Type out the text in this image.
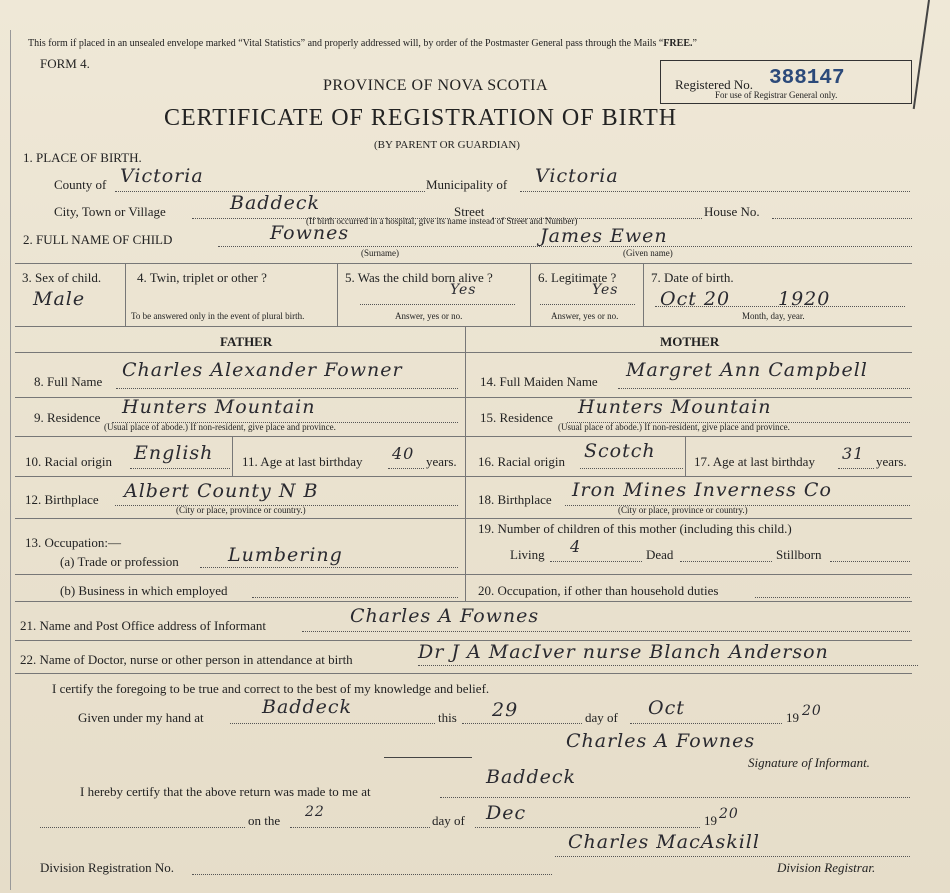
This form if placed in an unsealed envelope marked “Vital Statistics” and properly addressed will, by order of the Postmaster General pass through the Mails “FREE.”
FORM 4.
PROVINCE OF NOVA SCOTIA
CERTIFICATE OF REGISTRATION OF BIRTH
(BY PARENT OR GUARDIAN)
Registered No. 388147
For use of Registrar General only.
1. PLACE OF BIRTH.
County of Victoria	Municipality of Victoria
City, Town or Village	Baddeck	Street	House No.
(If birth occurred in a hospital, give its name instead of Street and Number)
2. FULL NAME OF CHILD	Fownes	James Ewen
(Surname)	(Given name)
3. Sex of child.
Male
4. Twin, triplet or other ?
To be answered only in the event of plural birth.
5. Was the child born alive ?
Yes
Answer, yes or no.
6. Legitimate ?
Yes
Answer, yes or no.
7. Date of birth.
Oct 20	1920
Month, day, year.
FATHER	MOTHER
8. Full Name
Charles Alexander Fowner
9. Residence Hunters Mountain
(Usual place of abode.) If non-resident, give place and province.
10. Racial origin English 11. Age at last birthday 40 years.
12. Birthplace Albert County N B
(City or place, province or country.)
13. Occupation:—
(a) Trade or profession	Lumbering
(b) Business in which employed
14. Full Maiden Name
Margret Ann Campbell
15. Residence Hunters Mountain
(Usual place of abode.) If non-resident, give place and province.
16. Racial origin Scotch	17. Age at last birthday 31 years.
18. Birthplace Iron Mines Inverness Co
(City or place, province or country.)
19. Number of children of this mother (including this child.)
Living 4	Dead	Stillborn
20. Occupation, if other than household duties
21. Name and Post Office address of Informant	Charles A Fownes
22. Name of Doctor, nurse or other person in attendance at birth	Dr J A MacIver nurse Blanch Anderson
I certify the foregoing to be true and correct to the best of my knowledge and belief.
Given under my hand at	Baddeck	this 29	day of Oct	19 20
Charles A Fownes
Signature of Informant.
I hereby certify that the above return was made to me at
Baddeck
on the
22
day of Dec	19 20
Division Registration No.
Charles MacAskill
Division Registrar.
